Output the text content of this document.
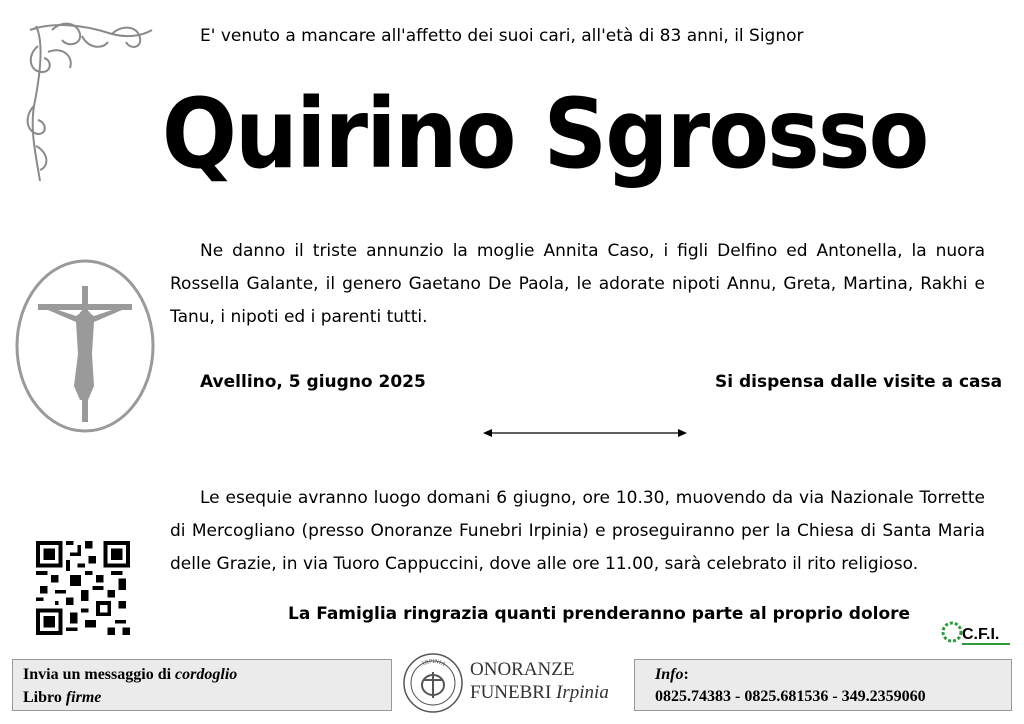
E' venuto a mancare all'affetto dei suoi cari, all'età di 83 anni, il Signor
Quirino Sgrosso
Ne danno il triste annunzio la moglie Annita Caso, i figli Delfino ed Antonella, la nuora Rossella Galante, il genero Gaetano De Paola, le adorate nipoti Annu, Greta, Martina, Rakhi e Tanu, i nipoti ed i parenti tutti.
Avellino, 5 giugno 2025	Si dispensa dalle visite a casa
Le esequie avranno luogo domani 6 giugno, ore 10.30, muovendo da via Nazionale Torrette di Mercogliano (presso Onoranze Funebri Irpinia) e proseguiranno per la Chiesa di Santa Maria delle Grazie, in via Tuoro Cappuccini, dove alle ore 11.00, sarà celebrato il rito religioso.
La Famiglia ringrazia quanti prenderanno parte al proprio dolore
C.F.I.
Invia un messaggio di cordoglio
Libro firme
IRPINIA ONORANZE
FUNEBRI Irpinia
Info:
0825.74383 - 0825.681536 - 349.2359060
